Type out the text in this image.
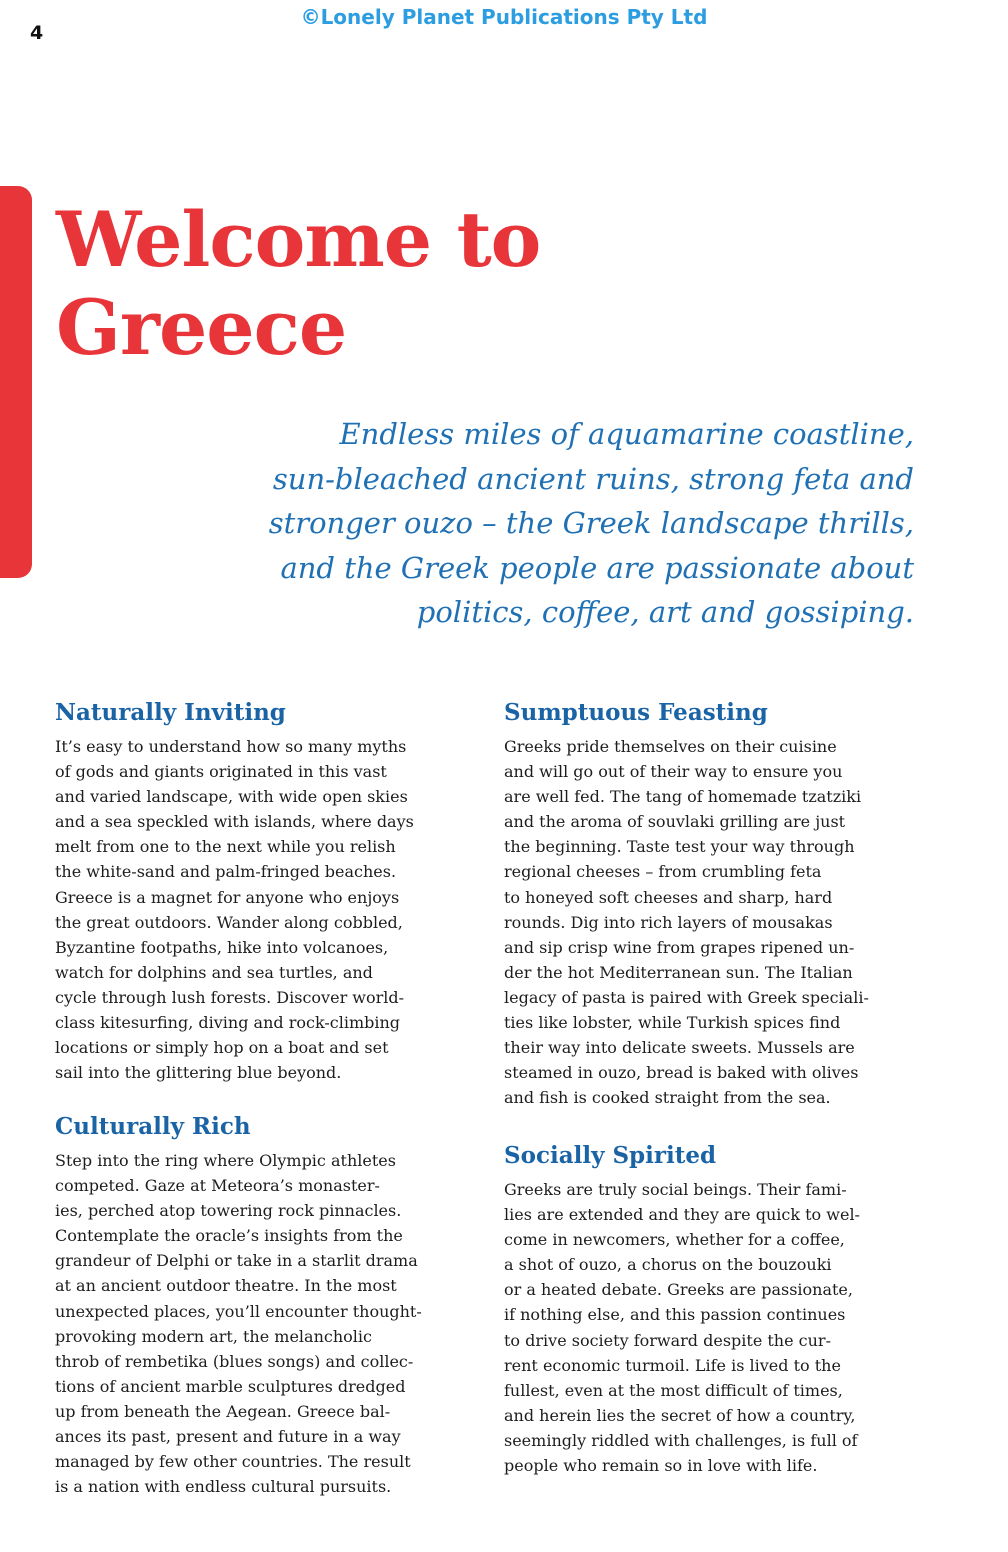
©Lonely Planet Publications Pty Ltd
4
Welcome to
Greece

Endless miles of aquamarine coastline,
sun-bleached ancient ruins, strong feta and
stronger ouzo – the Greek landscape thrills,
and the Greek people are passionate about
politics, coffee, art and gossiping.

Naturally Inviting

It’s easy to understand how so many myths
of gods and giants originated in this vast
and varied landscape, with wide open skies
and a sea speckled with islands, where days
melt from one to the next while you relish
the white-sand and palm-fringed beaches.
Greece is a magnet for anyone who enjoys
the great outdoors. Wander along cobbled,
Byzantine footpaths, hike into volcanoes,
watch for dolphins and sea turtles, and
cycle through lush forests. Discover world-
class kitesurfing, diving and rock-climbing
locations or simply hop on a boat and set
sail into the glittering blue beyond.

Culturally Rich

Step into the ring where Olympic athletes
competed. Gaze at Meteora’s monaster-
ies, perched atop towering rock pinnacles.
Contemplate the oracle’s insights from the
grandeur of Delphi or take in a starlit drama
at an ancient outdoor theatre. In the most
unexpected places, you’ll encounter thought-
provoking modern art, the melancholic
throb of rembetika (blues songs) and collec-
tions of ancient marble sculptures dredged
up from beneath the Aegean. Greece bal-
ances its past, present and future in a way
managed by few other countries. The result
is a nation with endless cultural pursuits.

Sumptuous Feasting

Greeks pride themselves on their cuisine
and will go out of their way to ensure you
are well fed. The tang of homemade tzatziki
and the aroma of souvlaki grilling are just
the beginning. Taste test your way through
regional cheeses – from crumbling feta
to honeyed soft cheeses and sharp, hard
rounds. Dig into rich layers of mousakas
and sip crisp wine from grapes ripened un-
der the hot Mediterranean sun. The Italian
legacy of pasta is paired with Greek speciali-
ties like lobster, while Turkish spices find
their way into delicate sweets. Mussels are
steamed in ouzo, bread is baked with olives
and fish is cooked straight from the sea.

Socially Spirited

Greeks are truly social beings. Their fami-
lies are extended and they are quick to wel-
come in newcomers, whether for a coffee,
a shot of ouzo, a chorus on the bouzouki
or a heated debate. Greeks are passionate,
if nothing else, and this passion continues
to drive society forward despite the cur-
rent economic turmoil. Life is lived to the
fullest, even at the most difficult of times,
and herein lies the secret of how a country,
seemingly riddled with challenges, is full of
people who remain so in love with life.
